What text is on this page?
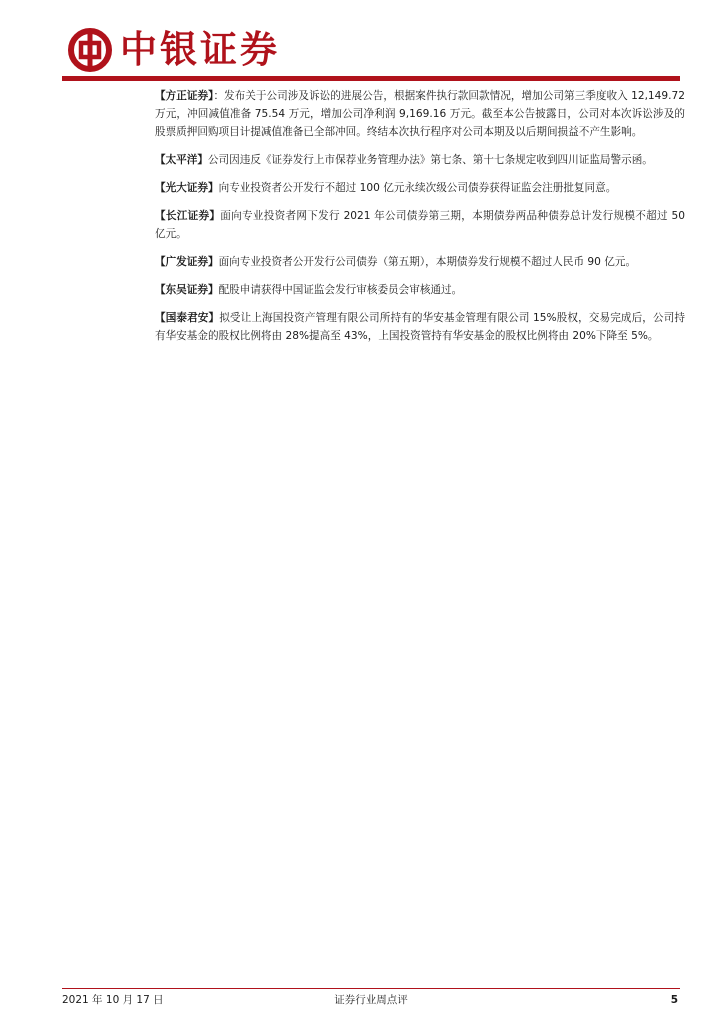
中银证券

【方正证券】：发布关于公司涉及诉讼的进展公告，根据案件执行款回款情况，增加公司第三季度收入 12,149.72 万元，冲回减值准备 75.54 万元，增加公司净利润 9,169.16 万元。截至本公告披露日，公司对本次诉讼涉及的股票质押回购项目计提减值准备已全部冲回。终结本次执行程序对公司本期及以后期间损益不产生影响。

【太平洋】公司因违反《证券发行上市保荐业务管理办法》第七条、第十七条规定收到四川证监局警示函。

【光大证券】向专业投资者公开发行不超过 100 亿元永续次级公司债券获得证监会注册批复同意。

【长江证券】面向专业投资者网下发行 2021 年公司债券第三期，本期债券两品种债券总计发行规模不超过 50 亿元。

【广发证券】面向专业投资者公开发行公司债券（第五期），本期债券发行规模不超过人民币 90 亿元。

【东吴证券】配股申请获得中国证监会发行审核委员会审核通过。

【国泰君安】拟受让上海国投资产管理有限公司所持有的华安基金管理有限公司 15%股权，交易完成后，公司持有华安基金的股权比例将由 28%提高至 43%，上国投资管持有华安基金的股权比例将由 20%下降至 5%。

2021 年 10 月 17 日	证券行业周点评	5
